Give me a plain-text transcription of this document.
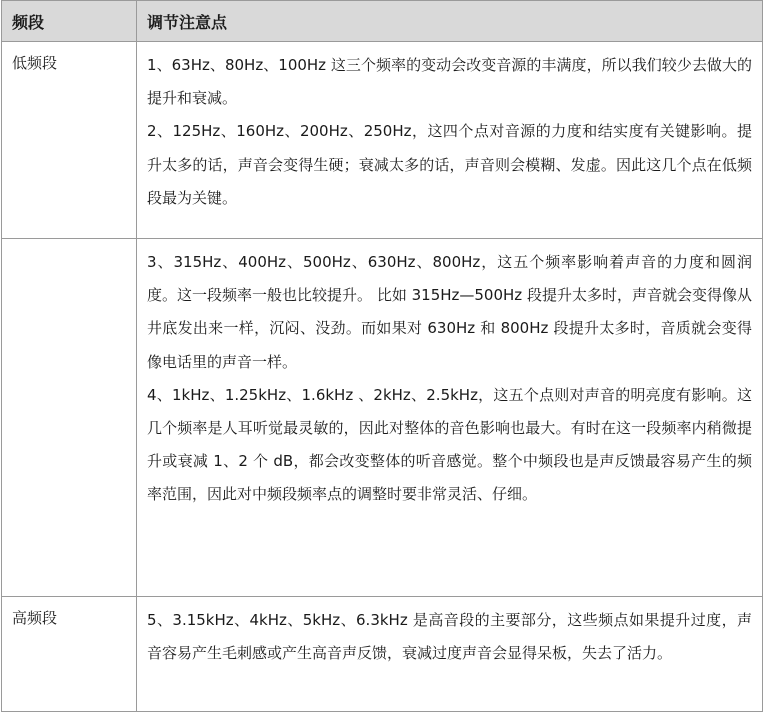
频段	调节注意点
低频段	1、63Hz、80Hz、100Hz 这三个频率的变动会改变音源的丰满度，所以我们较少去做大的提升和衰减。

2、125Hz、160Hz、200Hz、250Hz，这四个点对音源的力度和结实度有关键影响。提升太多的话，声音会变得生硬；衰减太多的话，声音则会模糊、发虚。因此这几个点在低频段最为关键。

	3、315Hz、400Hz、500Hz、630Hz、800Hz，这五个频率影响着声音的力度和圆润度。这一段频率一般也比较提升。 比如 315Hz—500Hz 段提升太多时，声音就会变得像从井底发出来一样，沉闷、没劲。而如果对 630Hz 和 800Hz 段提升太多时，音质就会变得像电话里的声音一样。

4、1kHz、1.25kHz、1.6kHz 、2kHz、2.5kHz，这五个点则对声音的明亮度有影响。这几个频率是人耳听觉最灵敏的，因此对整体的音色影响也最大。有时在这一段频率内稍微提升或衰减 1、2 个 dB，都会改变整体的听音感觉。整个中频段也是声反馈最容易产生的频率范围，因此对中频段频率点的调整时要非常灵活、仔细。

高频段	5、3.15kHz、4kHz、5kHz、6.3kHz 是高音段的主要部分，这些频点如果提升过度，声音容易产生毛刺感或产生高音声反馈，衰减过度声音会显得呆板，失去了活力。
